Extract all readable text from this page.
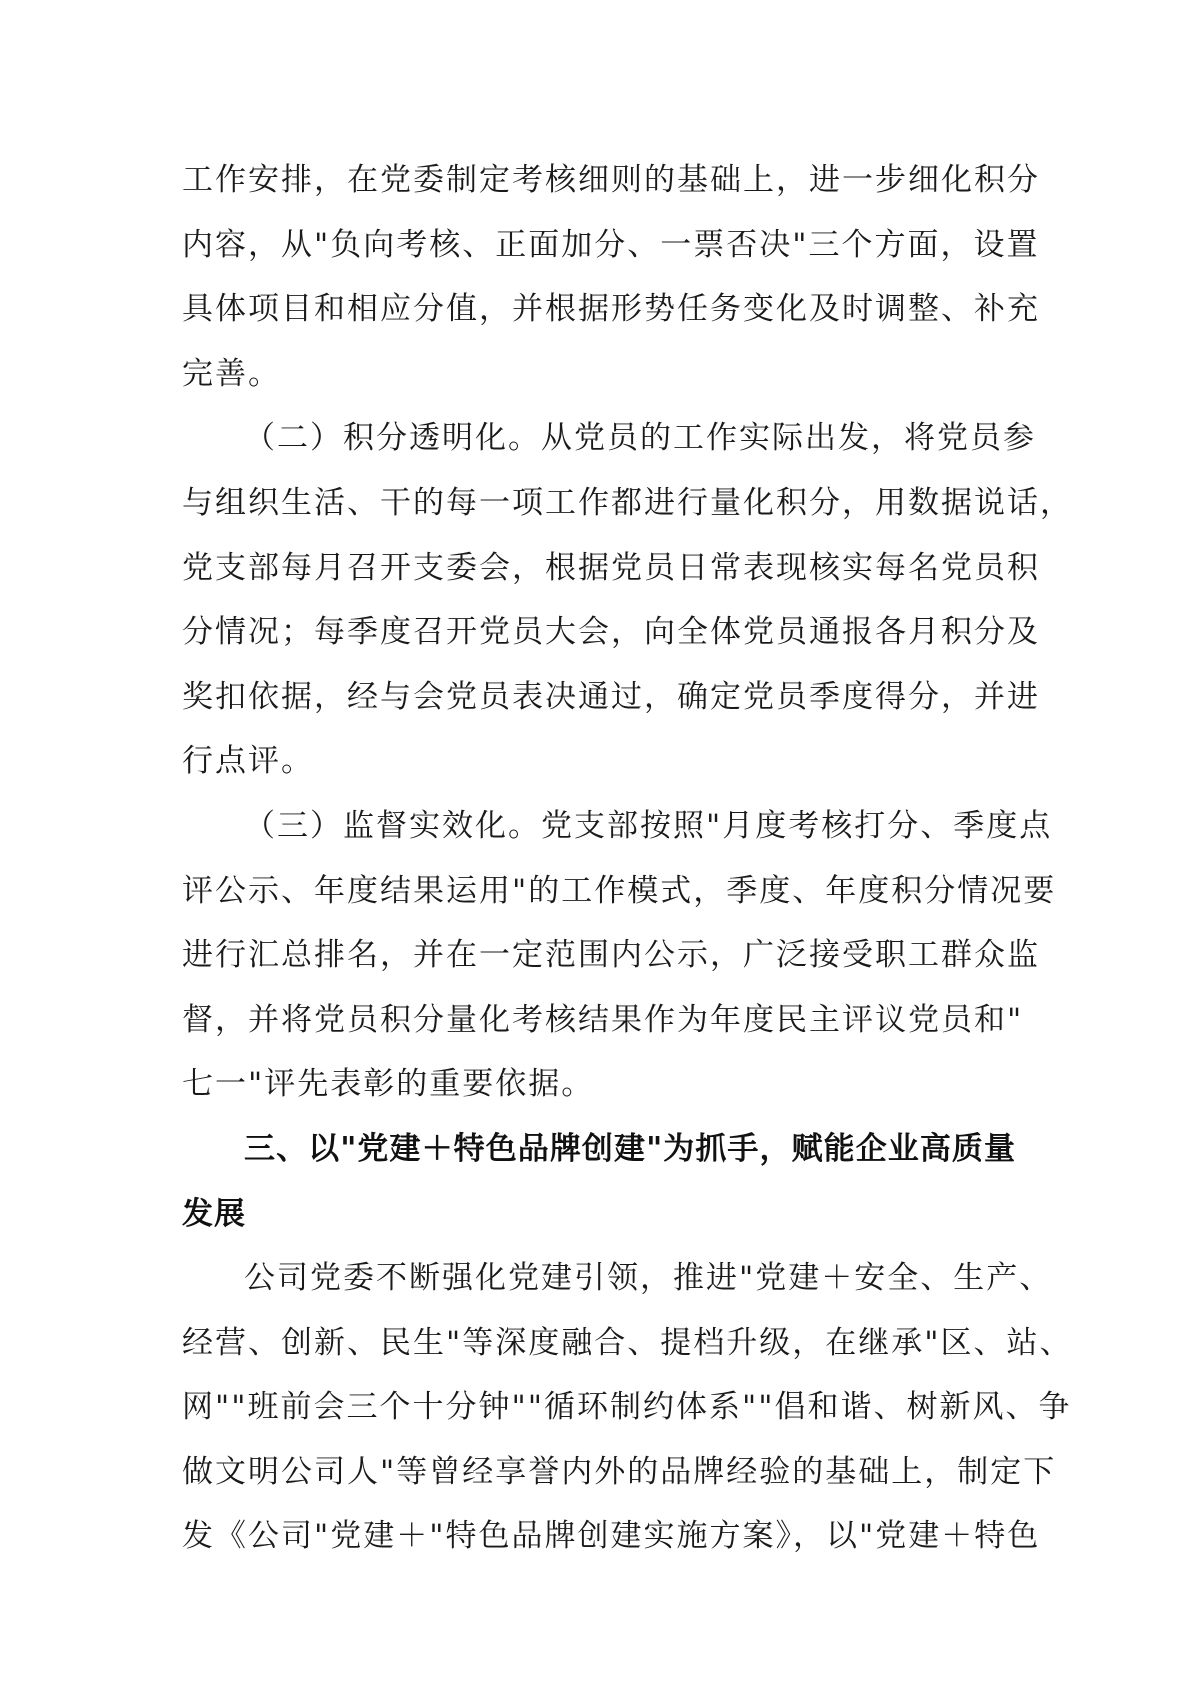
工作安排，在党委制定考核细则的基础上，进一步细化积分
内容，从"负向考核、正面加分、一票否决"三个方面，设置
具体项目和相应分值，并根据形势任务变化及时调整、补充
完善。
（二）积分透明化。从党员的工作实际出发，将党员参
与组织生活、干的每一项工作都进行量化积分，用数据说话，
党支部每月召开支委会，根据党员日常表现核实每名党员积
分情况；每季度召开党员大会，向全体党员通报各月积分及
奖扣依据，经与会党员表决通过，确定党员季度得分，并进
行点评。
（三）监督实效化。党支部按照"月度考核打分、季度点
评公示、年度结果运用"的工作模式，季度、年度积分情况要
进行汇总排名，并在一定范围内公示，广泛接受职工群众监
督，并将党员积分量化考核结果作为年度民主评议党员和"
七一"评先表彰的重要依据。
三、以"党建＋特色品牌创建"为抓手，赋能企业高质量
发展
公司党委不断强化党建引领，推进"党建＋安全、生产、
经营、创新、民生"等深度融合、提档升级，在继承"区、站、
网""班前会三个十分钟""循环制约体系""倡和谐、树新风、争
做文明公司人"等曾经享誉内外的品牌经验的基础上，制定下
发《公司"党建＋"特色品牌创建实施方案》，以"党建＋特色
